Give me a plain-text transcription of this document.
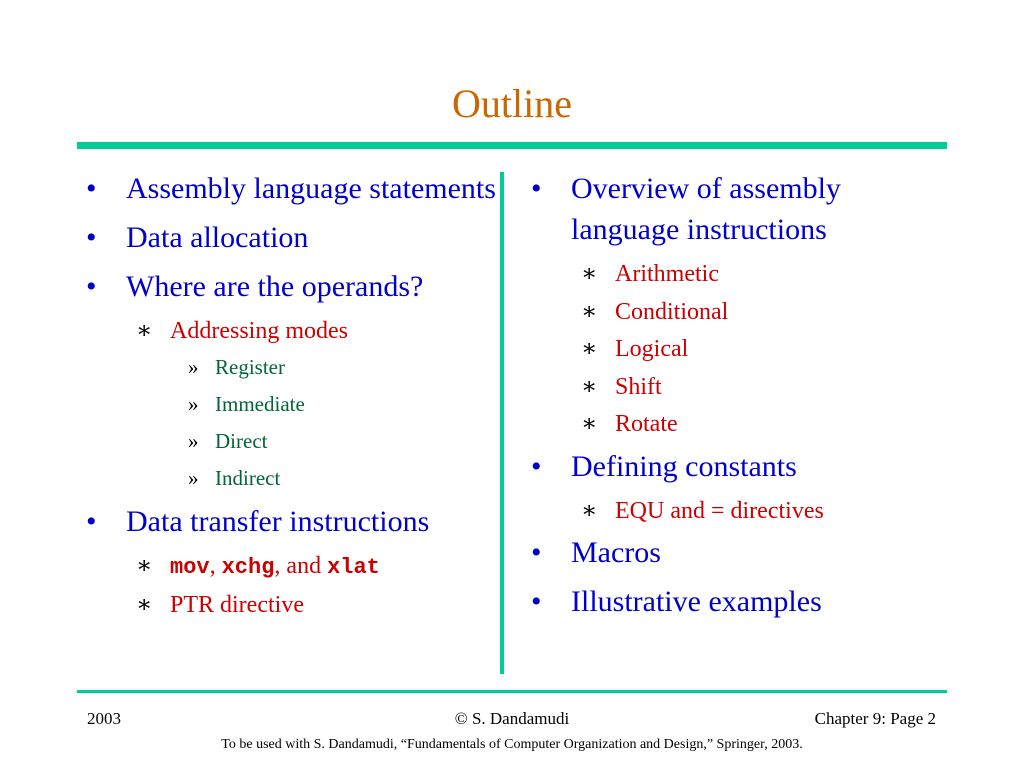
Outline
• Assembly language statements
• Data allocation
• Where are the operands?
∗ Addressing modes
» Register
» Immediate
» Direct
» Indirect
• Data transfer instructions
∗ mov, xchg, and xlat
∗ PTR directive
• Overview of assembly language instructions
∗ Arithmetic
∗ Conditional
∗ Logical
∗ Shift
∗ Rotate
• Defining constants
∗ EQU and = directives
• Macros
• Illustrative examples
2003	© S. Dandamudi	Chapter 9: Page 2
To be used with S. Dandamudi, “Fundamentals of Computer Organization and Design,” Springer, 2003.
